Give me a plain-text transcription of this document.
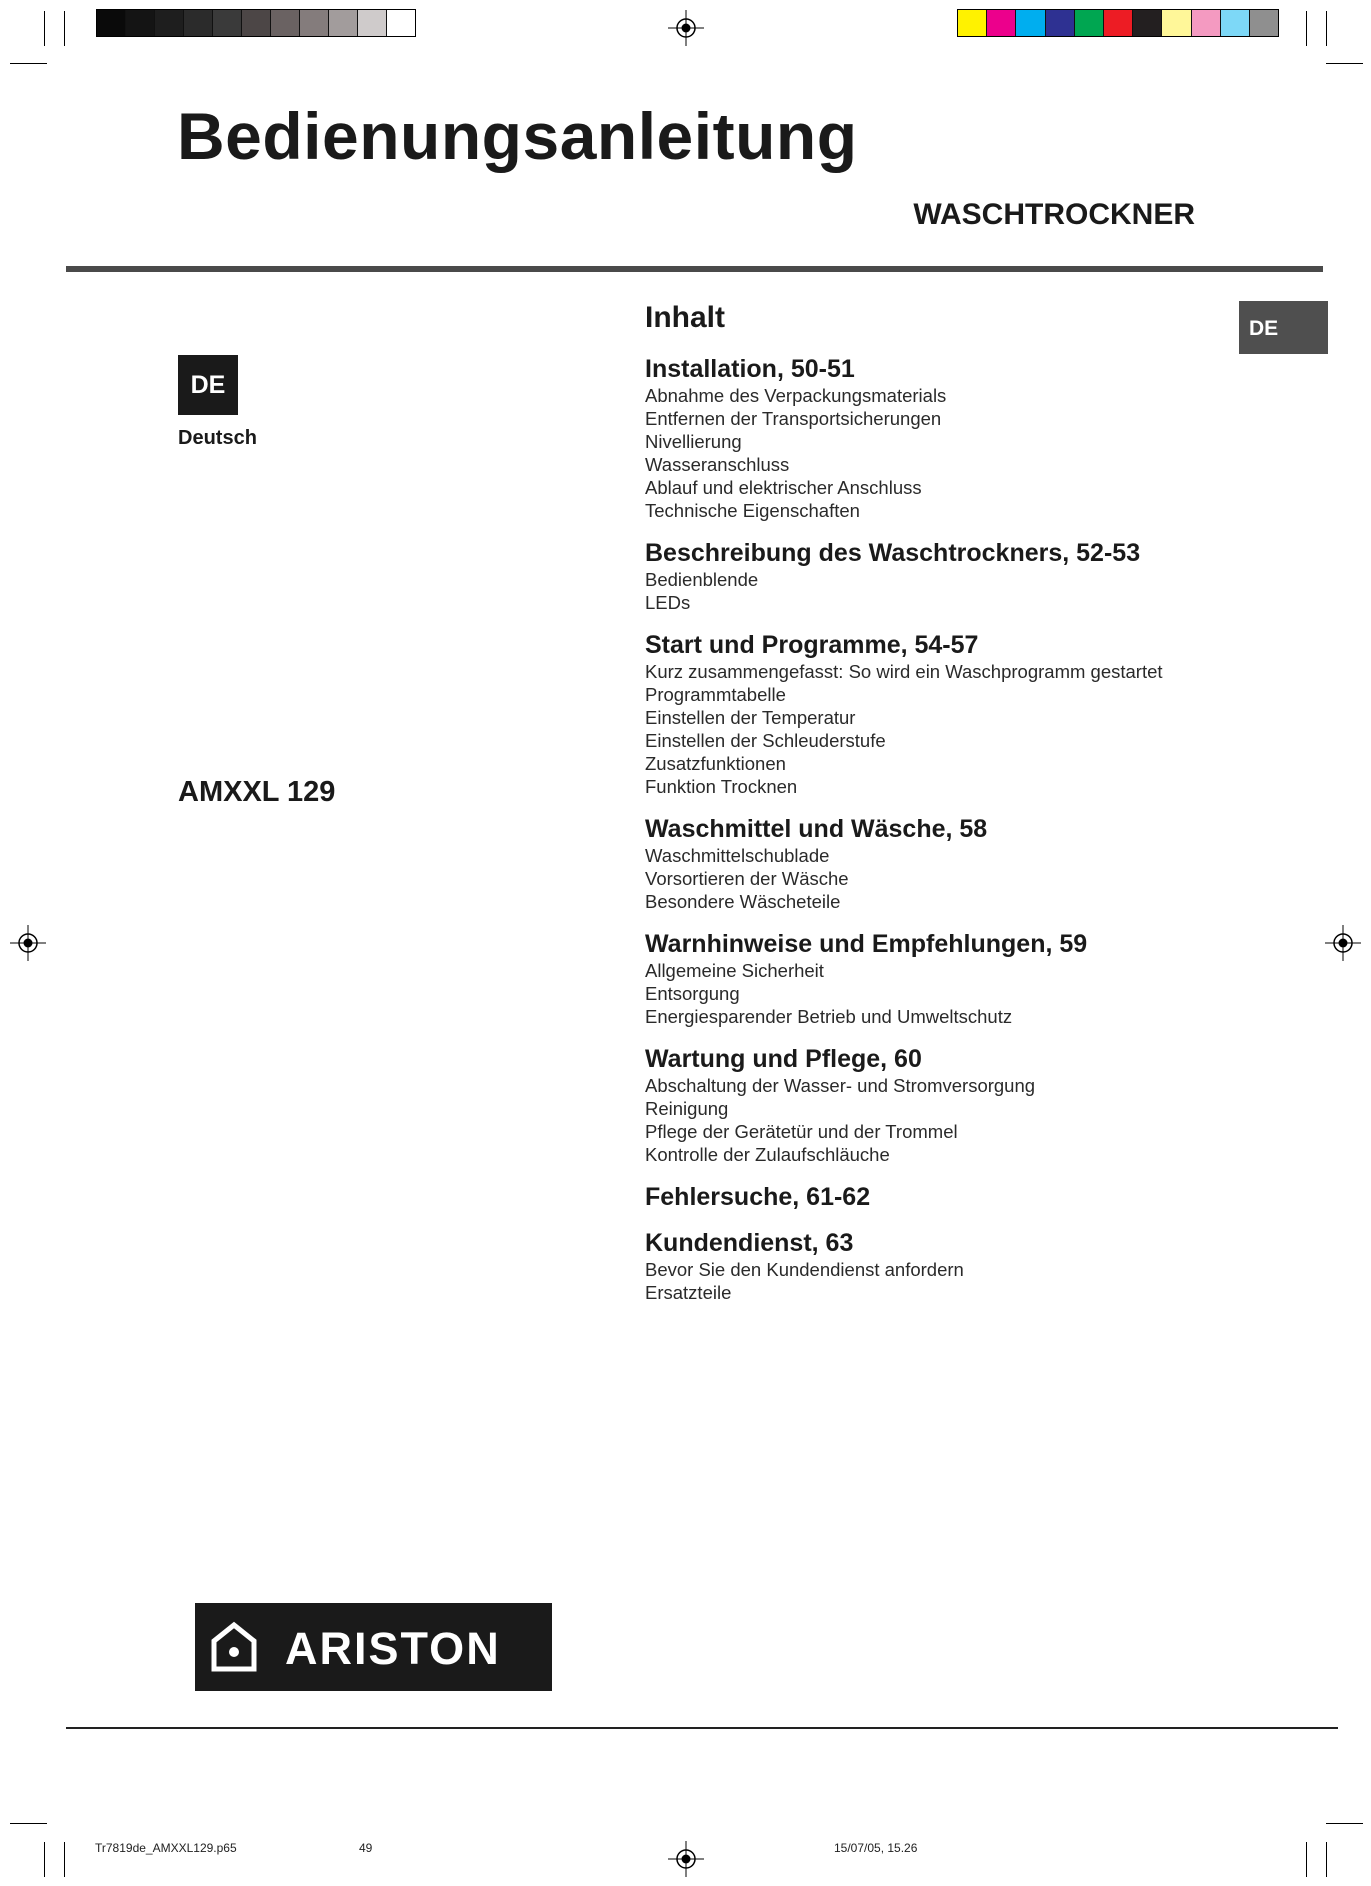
Bedienungsanleitung
WASCHTROCKNER
DE
Deutsch
AMXXL 129
DE
Inhalt
Installation, 50-51
Abnahme des Verpackungsmaterials
Entfernen der Transportsicherungen
Nivellierung
Wasseranschluss
Ablauf und elektrischer Anschluss
Technische Eigenschaften
Beschreibung des Waschtrockners, 52-53
Bedienblende
LEDs
Start und Programme, 54-57
Kurz zusammengefasst: So wird ein Waschprogramm gestartet
Programmtabelle
Einstellen der Temperatur
Einstellen der Schleuderstufe
Zusatzfunktionen
Funktion Trocknen
Waschmittel und Wäsche, 58
Waschmittelschublade
Vorsortieren der Wäsche
Besondere Wäscheteile
Warnhinweise und Empfehlungen, 59
Allgemeine Sicherheit
Entsorgung
Energiesparender Betrieb und Umweltschutz
Wartung und Pflege, 60
Abschaltung der Wasser- und Stromversorgung
Reinigung
Pflege der Gerätetür und der Trommel
Kontrolle der Zulaufschläuche
Fehlersuche, 61-62
Kundendienst, 63
Bevor Sie den Kundendienst anfordern
Ersatzteile
ARISTON
Tr7819de_AMXXL129.p65	49	15/07/05, 15.26
